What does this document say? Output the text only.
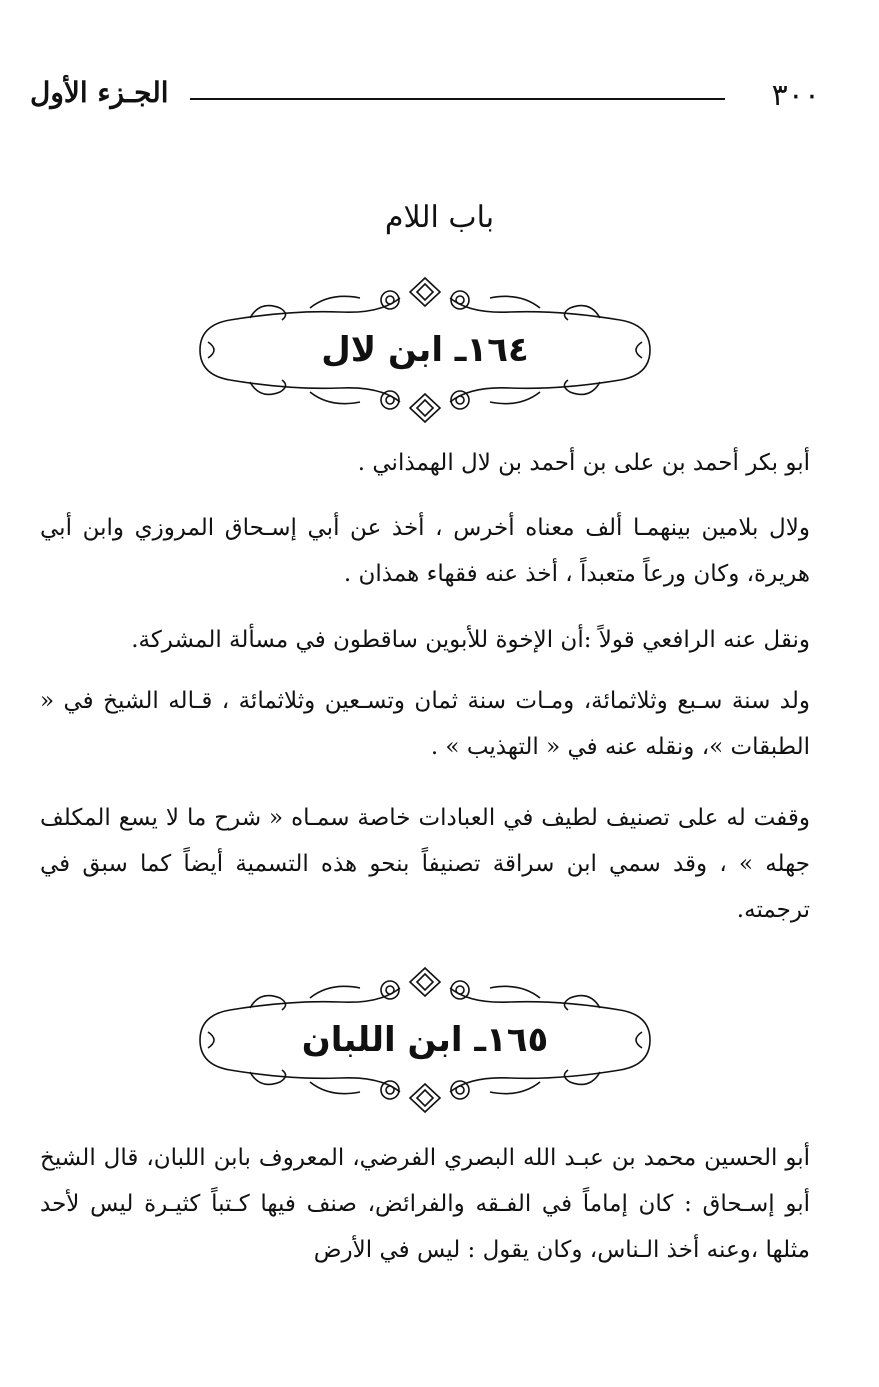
٣٠٠
الجـزء الأول
باب اللام
١٦٤ـ ابن لال
أبو بكر أحمد بن على بن أحمد بن لال الهمذاني .
ولال بلامين بينهمـا ألف معناه أخرس ، أخذ عن أبي إسـحاق المروزي وابن أبي هريرة، وكان ورعاً متعبداً ، أخذ عنه فقهاء همذان .
ونقل عنه الرافعي قولاً :أن الإخوة للأبوين ساقطون في مسألة المشركة.
ولد سنة سـبع وثلاثمائة، ومـات سنة ثمان وتسـعين وثلاثمائة ، قـاله الشيخ في « الطبقات »، ونقله عنه في « التهذيب » .
وقفت له على تصنيف لطيف في العبادات خاصة سمـاه « شرح ما لا يسع المكلف جهله » ، وقد سمي ابن سراقة تصنيفاً بنحو هذه التسمية أيضاً كما سبق في ترجمته.
١٦٥ـ ابن اللبان
أبو الحسين محمد بن عبـد الله البصري الفرضي، المعروف بابن اللبان، قال الشيخ أبو إسـحاق : كان إماماً في الفـقه والفرائض، صنف فيها كـتباً كثيـرة ليس لأحد مثلها ،وعنه أخذ الـناس، وكان يقول : ليس في الأرض
